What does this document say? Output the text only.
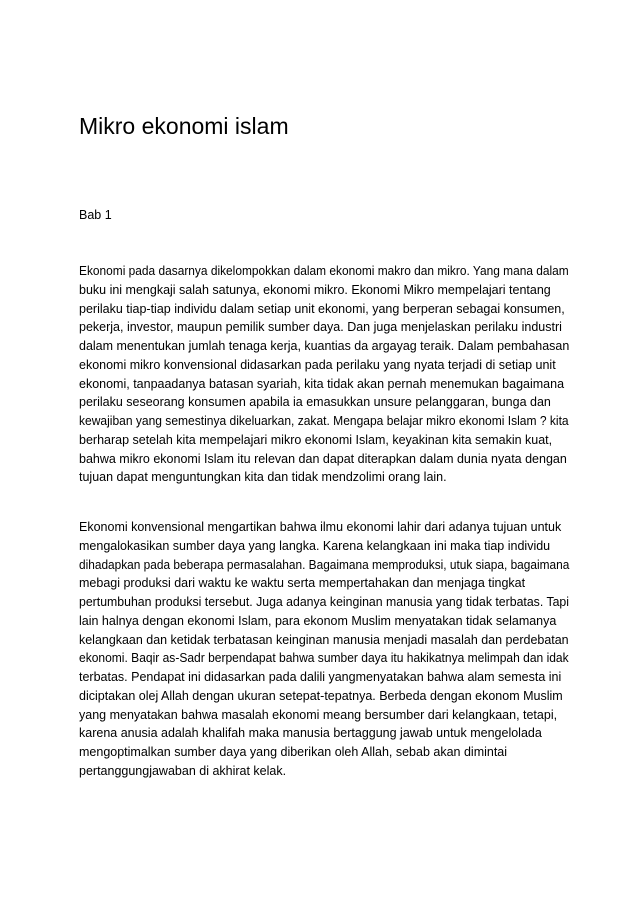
Mikro ekonomi islam

Bab 1

Ekonomi pada dasarnya dikelompokkan dalam ekonomi makro dan mikro. Yang mana dalam
buku ini mengkaji salah satunya, ekonomi mikro. Ekonomi Mikro mempelajari tentang
perilaku tiap-tiap individu dalam setiap unit ekonomi, yang berperan sebagai konsumen,
pekerja, investor, maupun pemilik sumber daya. Dan juga menjelaskan perilaku industri
dalam menentukan jumlah tenaga kerja, kuantias da argayag teraik. Dalam pembahasan
ekonomi mikro konvensional didasarkan pada perilaku yang nyata terjadi di setiap unit
ekonomi, tanpaadanya batasan syariah, kita tidak akan pernah menemukan bagaimana
perilaku seseorang konsumen apabila ia emasukkan unsure pelanggaran, bunga dan
kewajiban yang semestinya dikeluarkan, zakat. Mengapa belajar mikro ekonomi Islam ? kita
berharap setelah kita mempelajari mikro ekonomi Islam, keyakinan kita semakin kuat,
bahwa mikro ekonomi Islam itu relevan dan dapat diterapkan dalam dunia nyata dengan
tujuan dapat menguntungkan kita dan tidak mendzolimi orang lain.

Ekonomi konvensional mengartikan bahwa ilmu ekonomi lahir dari adanya tujuan untuk
mengalokasikan sumber daya yang langka. Karena kelangkaan ini maka tiap individu
dihadapkan pada beberapa permasalahan. Bagaimana memproduksi, utuk siapa, bagaimana
mebagi produksi dari waktu ke waktu serta mempertahakan dan menjaga tingkat
pertumbuhan produksi tersebut. Juga adanya keinginan manusia yang tidak terbatas. Tapi
lain halnya dengan ekonomi Islam, para ekonom Muslim menyatakan tidak selamanya
kelangkaan dan ketidak terbatasan keinginan manusia menjadi masalah dan perdebatan
ekonomi. Baqir as-Sadr berpendapat bahwa sumber daya itu hakikatnya melimpah dan idak
terbatas. Pendapat ini didasarkan pada dalili yangmenyatakan bahwa alam semesta ini
diciptakan olej Allah dengan ukuran setepat-tepatnya. Berbeda dengan ekonom Muslim
yang menyatakan bahwa masalah ekonomi meang bersumber dari kelangkaan, tetapi,
karena anusia adalah khalifah maka manusia bertaggung jawab untuk mengelolada
mengoptimalkan sumber daya yang diberikan oleh Allah, sebab akan dimintai
pertanggungjawaban di akhirat kelak.
